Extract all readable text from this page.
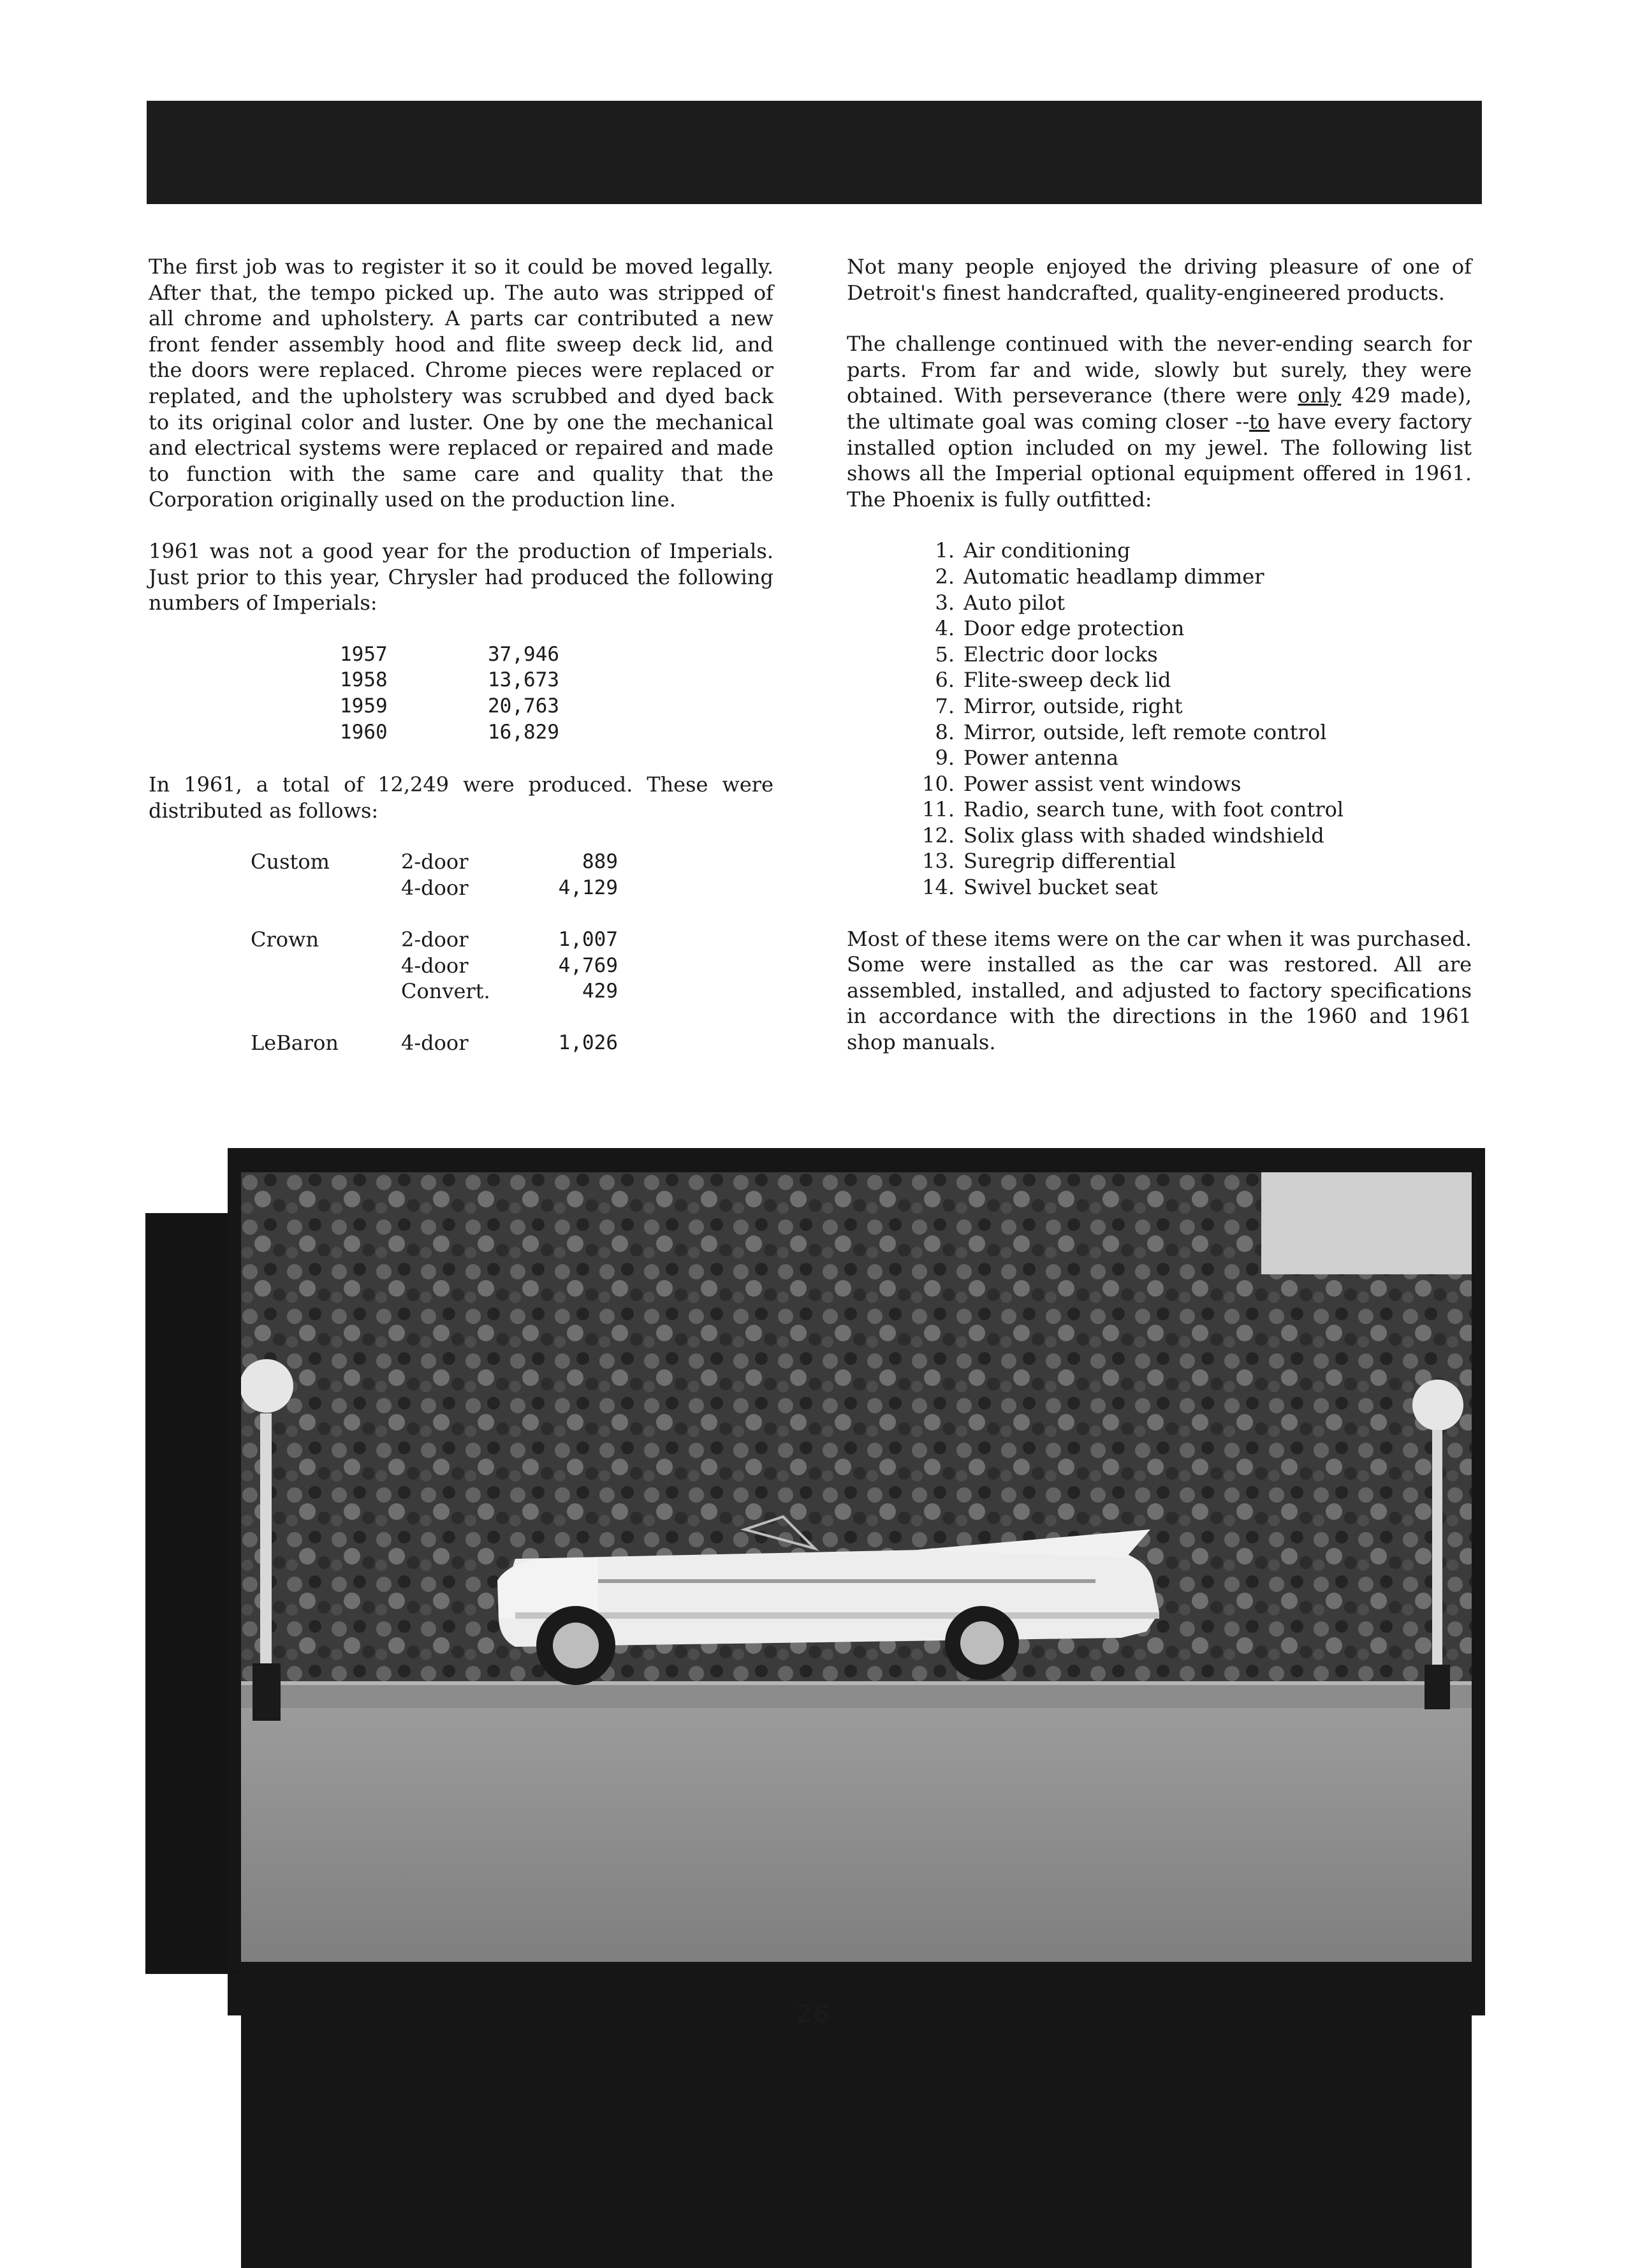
The first job was to register it so it could be moved legally. After that, the tempo picked up. The auto was stripped of all chrome and upholstery. A parts car contributed a new front fender assembly hood and flite sweep deck lid, and the doors were replaced. Chrome pieces were replaced or replated, and the upholstery was scrubbed and dyed back to its original color and luster. One by one the mechanical and electrical systems were replaced or repaired and made to function with the same care and quality that the Corporation originally used on the production line.

1961 was not a good year for the production of Imperials. Just prior to this year, Chrysler had produced the following numbers of Imperials:

1957	37,946
1958	13,673
1959	20,763
1960	16,829

In 1961, a total of 12,249 were produced. These were distributed as follows:

Custom	2-door	889
	4-door	4,129

Crown	2-door	1,007
	4-door	4,769
	Convert.	429

LeBaron	4-door	1,026

Not many people enjoyed the driving pleasure of one of Detroit's finest handcrafted, quality-engineered products.

The challenge continued with the never-ending search for parts. From far and wide, slowly but surely, they were obtained. With perseverance (there were only 429 made), the ultimate goal was coming closer --to have every factory installed option included on my jewel. The following list shows all the Imperial optional equipment offered in 1961. The Phoenix is fully outfitted:

1. Air conditioning
2. Automatic headlamp dimmer
3. Auto pilot
4. Door edge protection
5. Electric door locks
6. Flite-sweep deck lid
7. Mirror, outside, right
8. Mirror, outside, left remote control
9. Power antenna
10. Power assist vent windows
11. Radio, search tune, with foot control
12. Solix glass with shaded windshield
13. Suregrip differential
14. Swivel bucket seat

Most of these items were on the car when it was purchased. Some were installed as the car was restored. All are assembled, installed, and adjusted to factory specifications in accordance with the directions in the 1960 and 1961 shop manuals.

26
